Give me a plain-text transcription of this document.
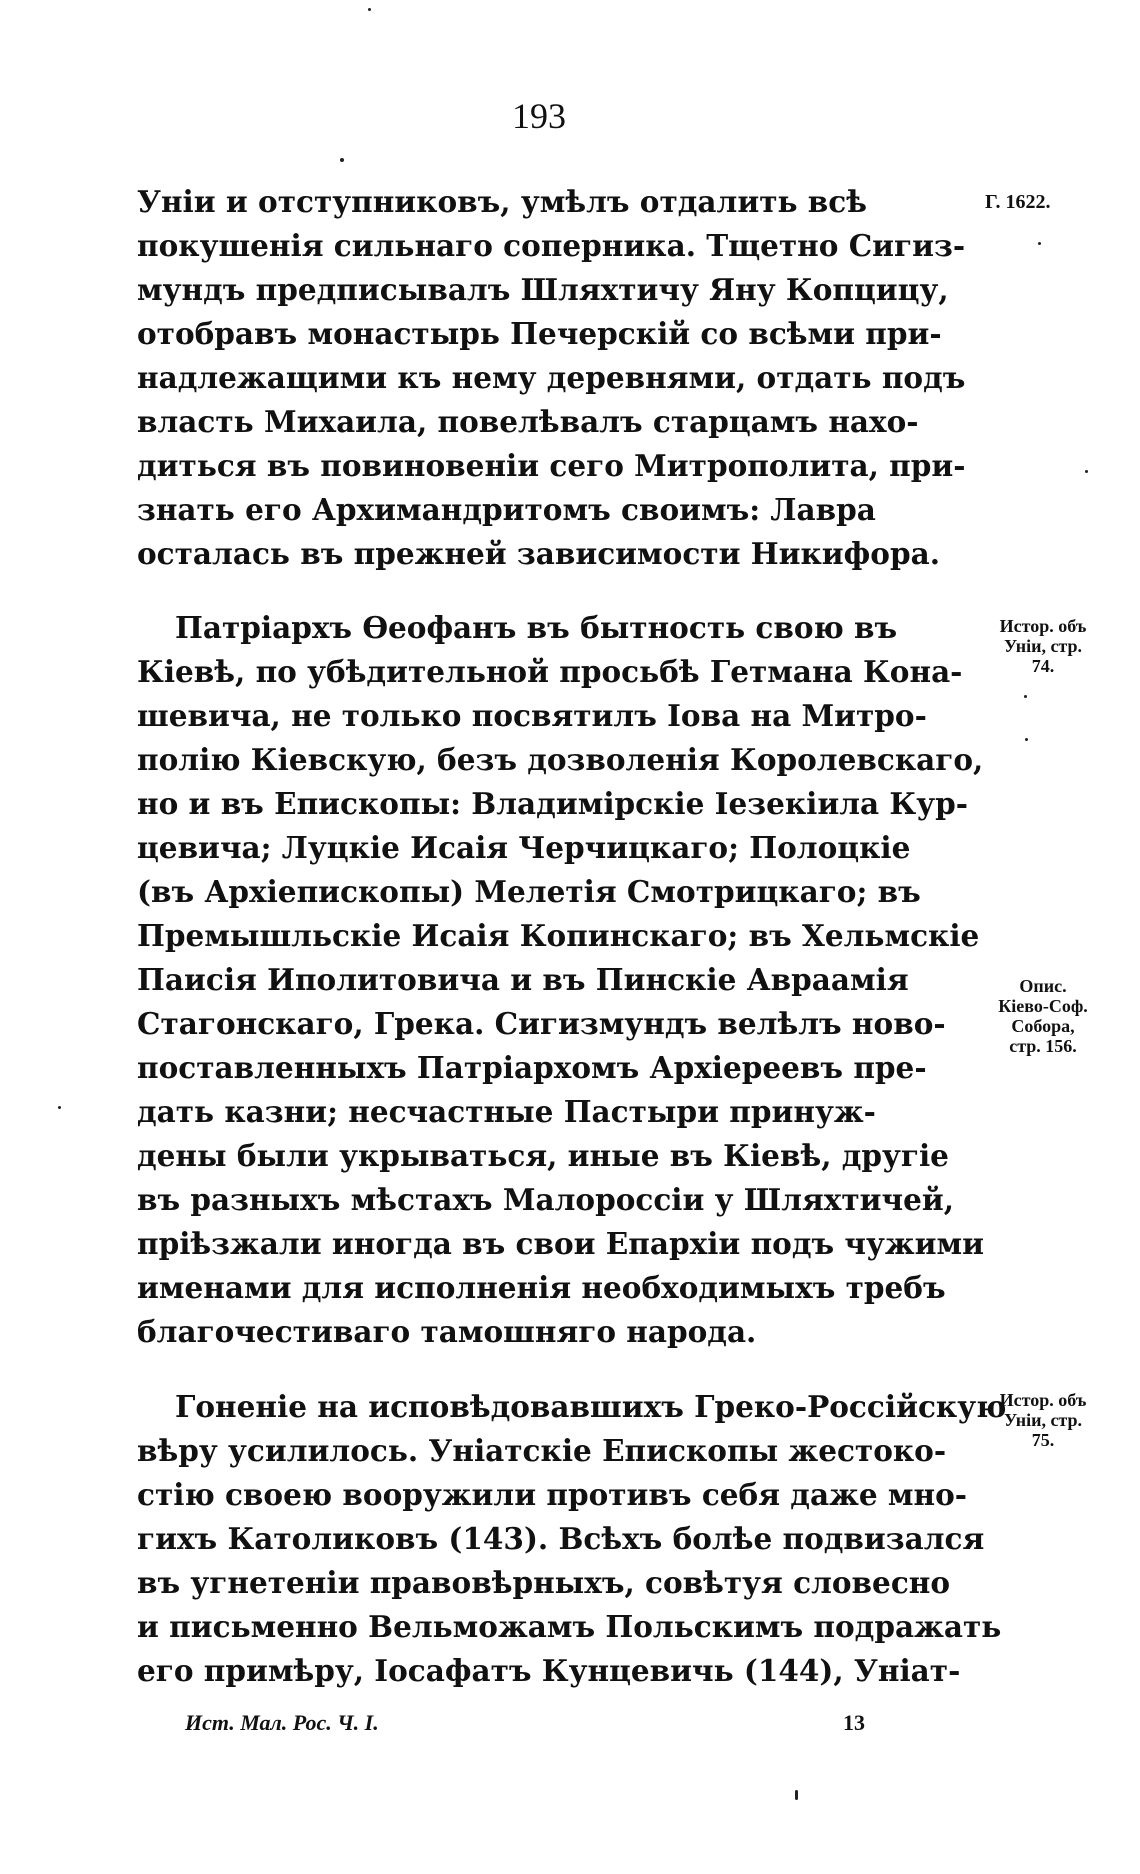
193
Г. 1622.
Уніи и отступниковъ, умѣлъ отдалить всѣ
покушенія сильнаго соперника. Тщетно Сигиз-
мундъ предписывалъ Шляхтичу Яну Копцицу,
отобравъ монастырь Печерскій со всѣми при-
надлежащими къ нему деревнями, отдать подъ
власть Михаила, повелѣвалъ старцамъ нахо-
диться въ повиновеніи сего Митрополита, при-
знать его Архимандритомъ своимъ: Лавра
осталась въ прежней зависимости Никифора.
Истор. объ
Уніи, стр.
74.
Патріархъ Ѳеофанъ въ бытность свою въ
Кіевѣ, по убѣдительной просьбѣ Гетмана Кона-
шевича, не только посвятилъ Іова на Митро-
полію Кіевскую, безъ дозволенія Королевскаго,
но и въ Епископы: Владимірскіе Іезекіила Кур-
цевича; Луцкіе Исаія Черчицкаго; Полоцкіе
(въ Архіепископы) Мелетія Смотрицкаго; въ
Премышльскіе Исаія Копинскаго; въ Хельмскіе
Паисія Иполитовича и въ Пинскіе Авраамія
Стагонскаго, Грека. Сигизмундъ велѣлъ ново-
поставленныхъ Патріархомъ Архіереевъ пре-
дать казни; несчастные Пастыри принуж-
дены были укрываться, иные въ Кіевѣ, другіе
въ разныхъ мѣстахъ Малороссіи у Шляхтичей,
пріѣзжали иногда въ свои Епархіи подъ чужими
именами для исполненія необходимыхъ требъ
благочестиваго тамошняго народа.
Опис.
Кіево-Соф.
Собора,
стр. 156.
Гоненіе на исповѣдовавшихъ Греко-Россійскую
вѣру усилилось. Уніатскіе Епископы жестоко-
стію своею вооружили противъ себя даже мно-
гихъ Католиковъ (143). Всѣхъ болѣе подвизался
въ угнетеніи правовѣрныхъ, совѣтуя словесно
и письменно Вельможамъ Польскимъ подражать
его примѣру, Іосафатъ Кунцевичь (144), Уніат-
Истор. объ
Уніи, стр.
75.
Ист. Мал. Рос. Ч. I.	13
